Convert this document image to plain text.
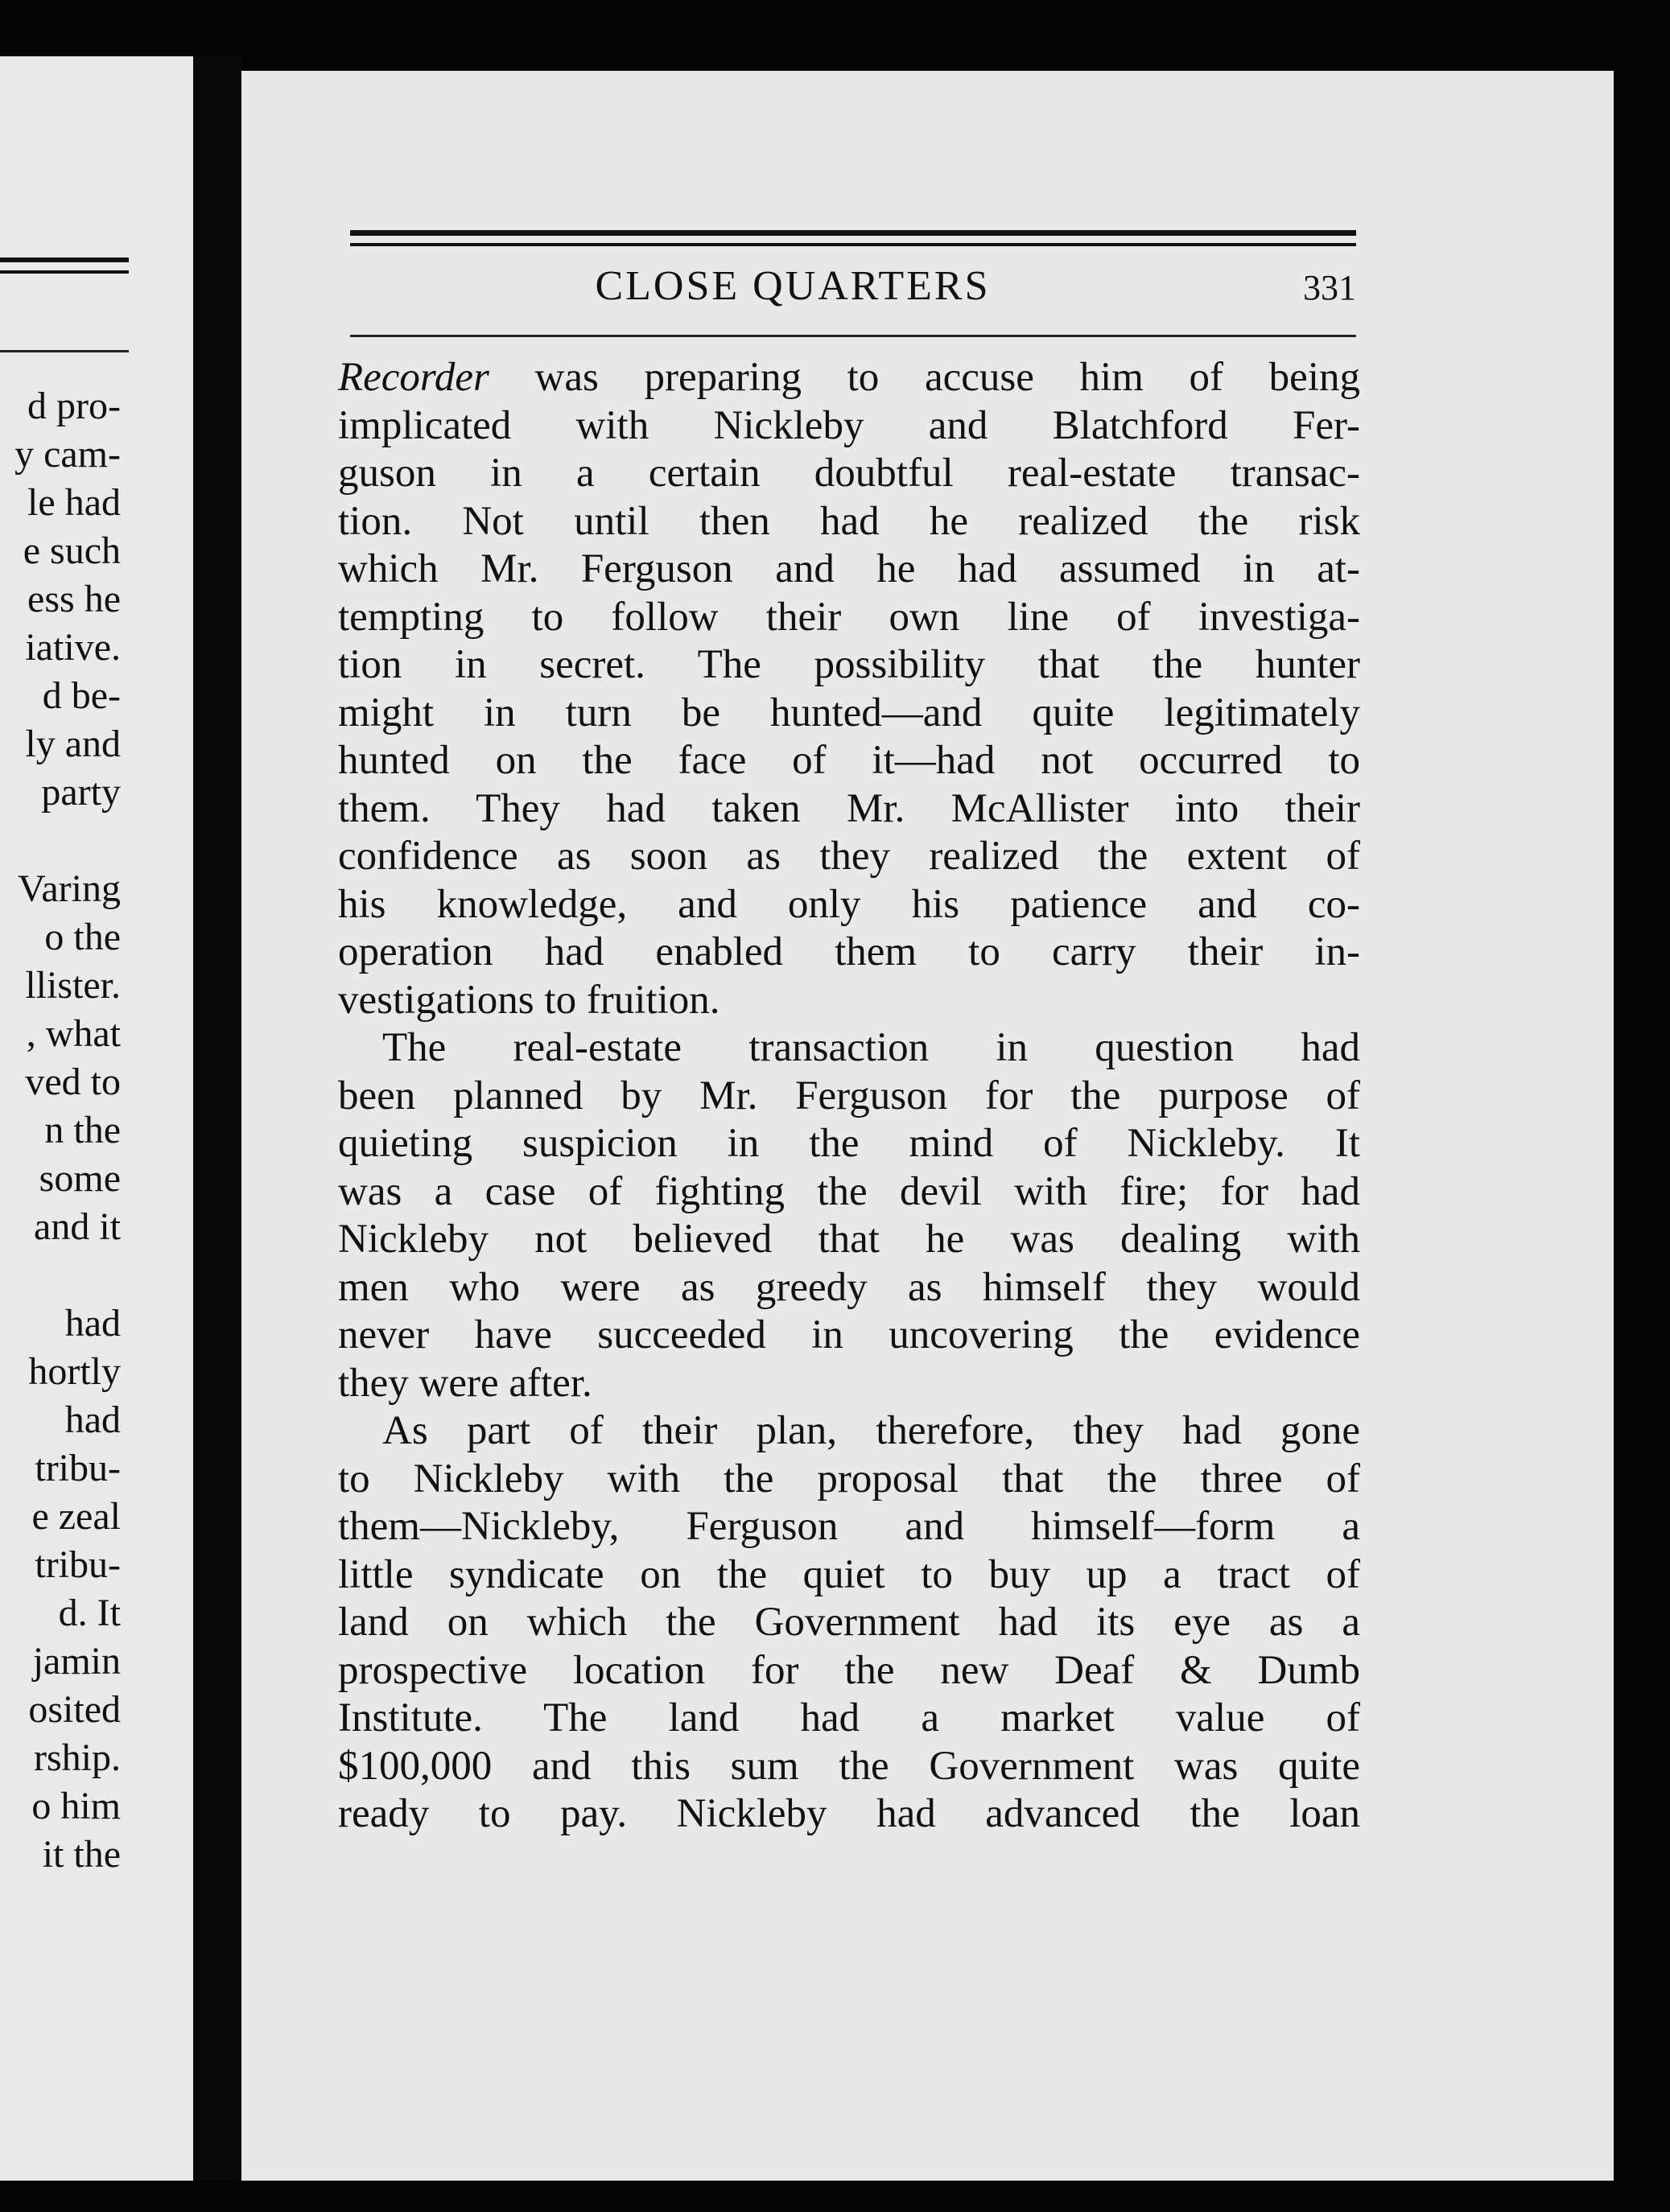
d pro-
y cam-
le had
e such
ess he
iative.
d be-
ly and
party
Varing
o the
llister.
, what
ved to
n the
some
and it
had
hortly
had
tribu-
e zeal
tribu-
d. It
jamin
osited
rship.
o him
it the
CLOSE QUARTERS	331
Recorder was preparing to accuse him of being
implicated with Nickleby and Blatchford Fer-
guson in a certain doubtful real-estate transac-
tion. Not until then had he realized the risk
which Mr. Ferguson and he had assumed in at-
tempting to follow their own line of investiga-
tion in secret. The possibility that the hunter
might in turn be hunted—and quite legitimately
hunted on the face of it—had not occurred to
them. They had taken Mr. McAllister into their
confidence as soon as they realized the extent of
his knowledge, and only his patience and co-
operation had enabled them to carry their in-
vestigations to fruition.
The real-estate transaction in question had
been planned by Mr. Ferguson for the purpose of
quieting suspicion in the mind of Nickleby. It
was a case of fighting the devil with fire; for had
Nickleby not believed that he was dealing with
men who were as greedy as himself they would
never have succeeded in uncovering the evidence
they were after.
As part of their plan, therefore, they had gone
to Nickleby with the proposal that the three of
them—Nickleby, Ferguson and himself—form a
little syndicate on the quiet to buy up a tract of
land on which the Government had its eye as a
prospective location for the new Deaf & Dumb
Institute. The land had a market value of
$100,000 and this sum the Government was quite
ready to pay. Nickleby had advanced the loan
